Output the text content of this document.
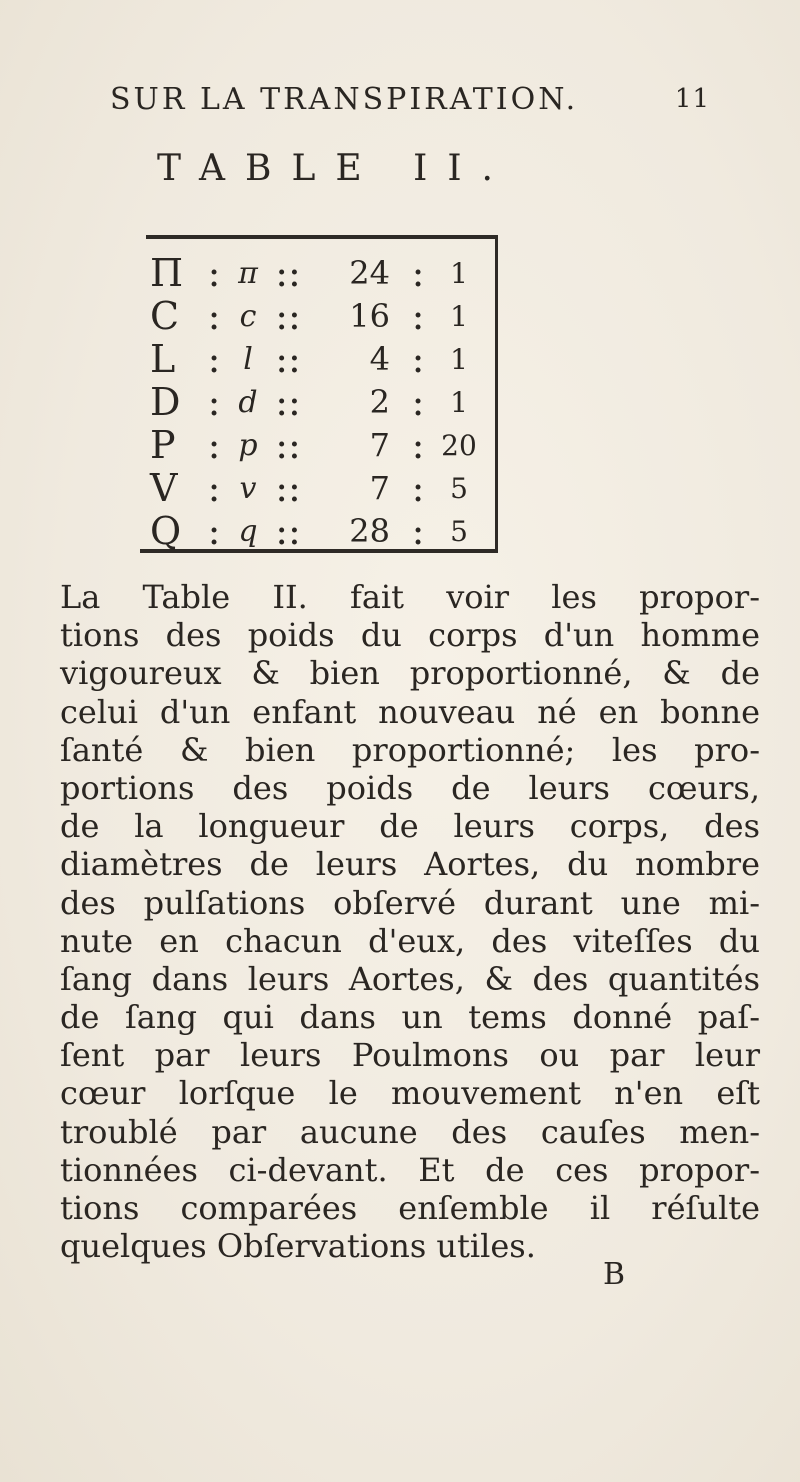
SUR LA TRANSPIRATION.	11
TABLE II.
Π : π ::	24 : 1
C : c ::	16 : 1
L : l ::	4 : 1
D : d ::	2 : 1
P : p ::	7 : 20
V : v ::	7 : 5
Q : q ::	28 : 5
La Table II. fait voir les propor-
tions des poids du corps d'un homme
vigoureux & bien proportionné, & de
celui d'un enfant nouveau né en bonne
ſanté & bien proportionné; les pro-
portions des poids de leurs cœurs,
de la longueur de leurs corps, des
diamètres de leurs Aortes, du nombre
des pulſations obſervé durant une mi-
nute en chacun d'eux, des viteſſes du
ſang dans leurs Aortes, & des quantités
de ſang qui dans un tems donné paſ-
ſent par leurs Poulmons ou par leur
cœur lorſque le mouvement n'en eſt
troublé par aucune des cauſes men-
tionnées ci-devant. Et de ces propor-
tions comparées enſemble il réſulte
quelques Obſervations utiles.
B
